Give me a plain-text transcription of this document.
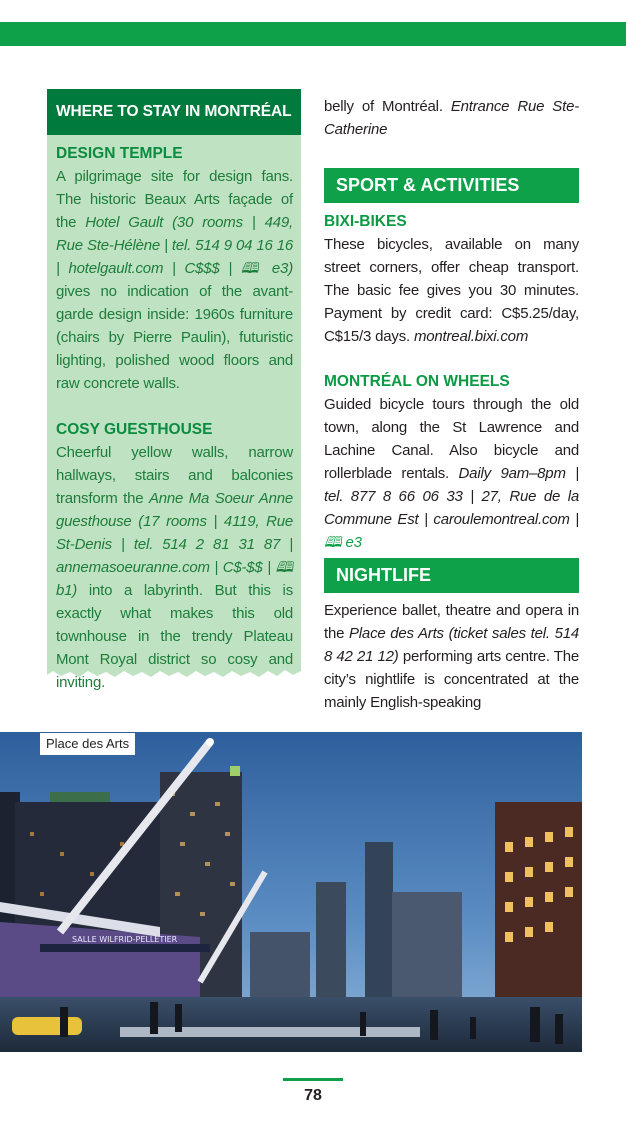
WHERE TO STAY IN MONTRÉAL
DESIGN TEMPLE

A pilgrimage site for design fans. The historic Beaux Arts façade of the Hotel Gault (30 rooms | 449, Rue Ste-Hélène | tel. 514 9 04 16 16 | hotelgault.com | C$$$ | 🕮 e3) gives no indication of the avant-garde design inside: 1960s furniture (chairs by Pierre Paulin), futuristic lighting, polished wood floors and raw concrete walls.

COSY GUESTHOUSE

Cheerful yellow walls, narrow hallways, stairs and balconies transform the Anne Ma Soeur Anne guesthouse (17 rooms | 4119, Rue St-Denis | tel. 514 2 81 31 87 | annemasoeuranne.com | C$-$$ | 🕮 b1) into a labyrinth. But this is exactly what makes this old townhouse in the trendy Plateau Mont Royal district so cosy and inviting.

belly of Montréal. Entrance Rue Ste-Catherine

SPORT & ACTIVITIES
BIXI-BIKES

These bicycles, available on many street corners, offer cheap transport. The basic fee gives you 30 minutes. Payment by credit card: C$5.25/day, C$15/3 days. montreal.bixi.com

MONTRÉAL ON WHEELS

Guided bicycle tours through the old town, along the St Lawrence and Lachine Canal. Also bicycle and rollerblade rentals. Daily 9am–8pm | tel. 877 8 66 06 33 | 27, Rue de la Commune Est | caroulemontreal.com | 🕮 e3

NIGHTLIFE

Experience ballet, theatre and opera in the Place des Arts (ticket sales tel. 514 8 42 21 12) performing arts centre. The city’s nightlife is concentrated at the mainly English-speaking

SALLE WILFRID-PELLETIER
Place des Arts
78
